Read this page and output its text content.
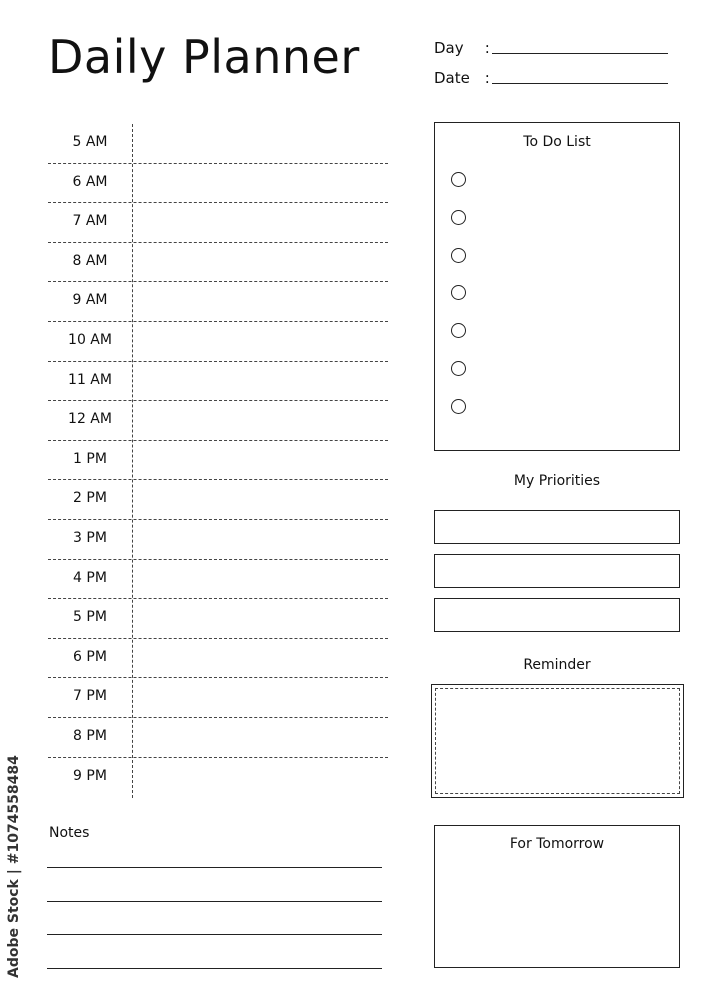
Daily Planner	Day :
Date :
5 AM
6 AM
7 AM
8 AM
9 AM
10 AM
11 AM
12 AM
1 PM
2 PM
3 PM
4 PM
5 PM
6 PM
7 PM
8 PM
9 PM
Notes
To Do List
My Priorities
Reminder
For Tomorrow
Adobe Stock | #1074558484
